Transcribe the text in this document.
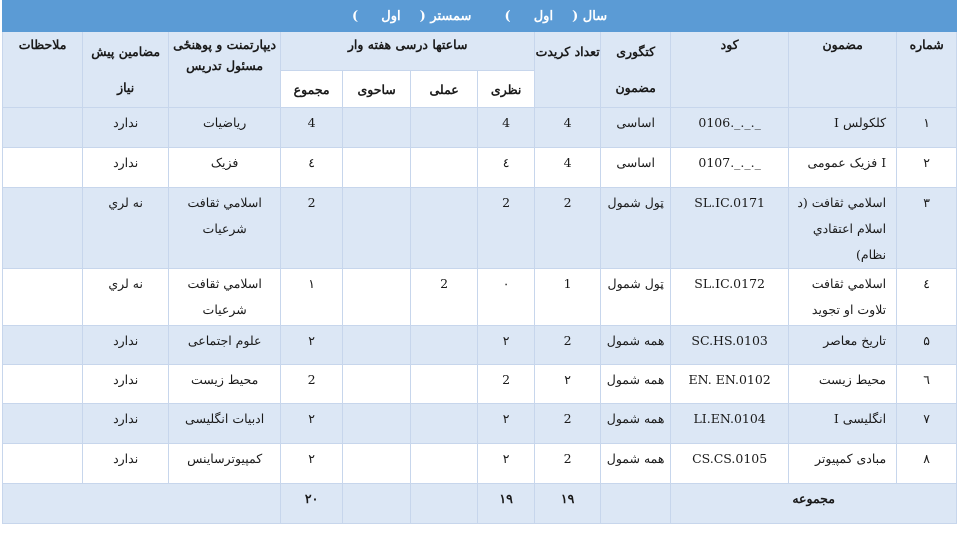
سال (  اول  )  سمستر (  اول  )											
شماره	مضمون	کود	کتگوری مضمون	تعداد کریدت	ساعتها درسی هفته وار				دیپارتمنت و پوهنځی مسئول تدریس	مضامین پیش نیاز	ملاحظات
					نظری	عملی	ساحوی	مجموع			
۱	کلکولس I	0106._._._	اساسی	4	4			4	ریاضیات	ندارد	
۲	I فزیک عمومی	0107._._._	اساسی	4	٤			٤	فزیک	ندارد	
۳	اسلامي ثقافت (د اسلام اعتقادي نظام)	SL.IC.0171	ټول شمول	2	2			2	اسلامي ثقافت شرعيات	نه لري	
٤	اسلامي ثقافت تلاوت او تجوید	SL.IC.0172	ټول شمول	1	٠	2		١	اسلامي ثقافت شرعيات	نه لري	
۵	تاریخ معاصر	SC.HS.0103	همه شمول	2	٢			٢	علوم اجتماعی	ندارد	
٦	محیط زیست	EN. EN.0102	همه شمول	٢	2			2	محیط زیست	ندارد	
٧	انگلیسی I	LI.EN.0104	همه شمول	2	٢			٢	ادبیات انگلیسی	ندارد	
٨	مبادی کمپیوتر	CS.CS.0105	همه شمول	2	٢			٢	کمپیوترساینس	ندارد	
مجموعه				١٩	١٩			٢٠			
